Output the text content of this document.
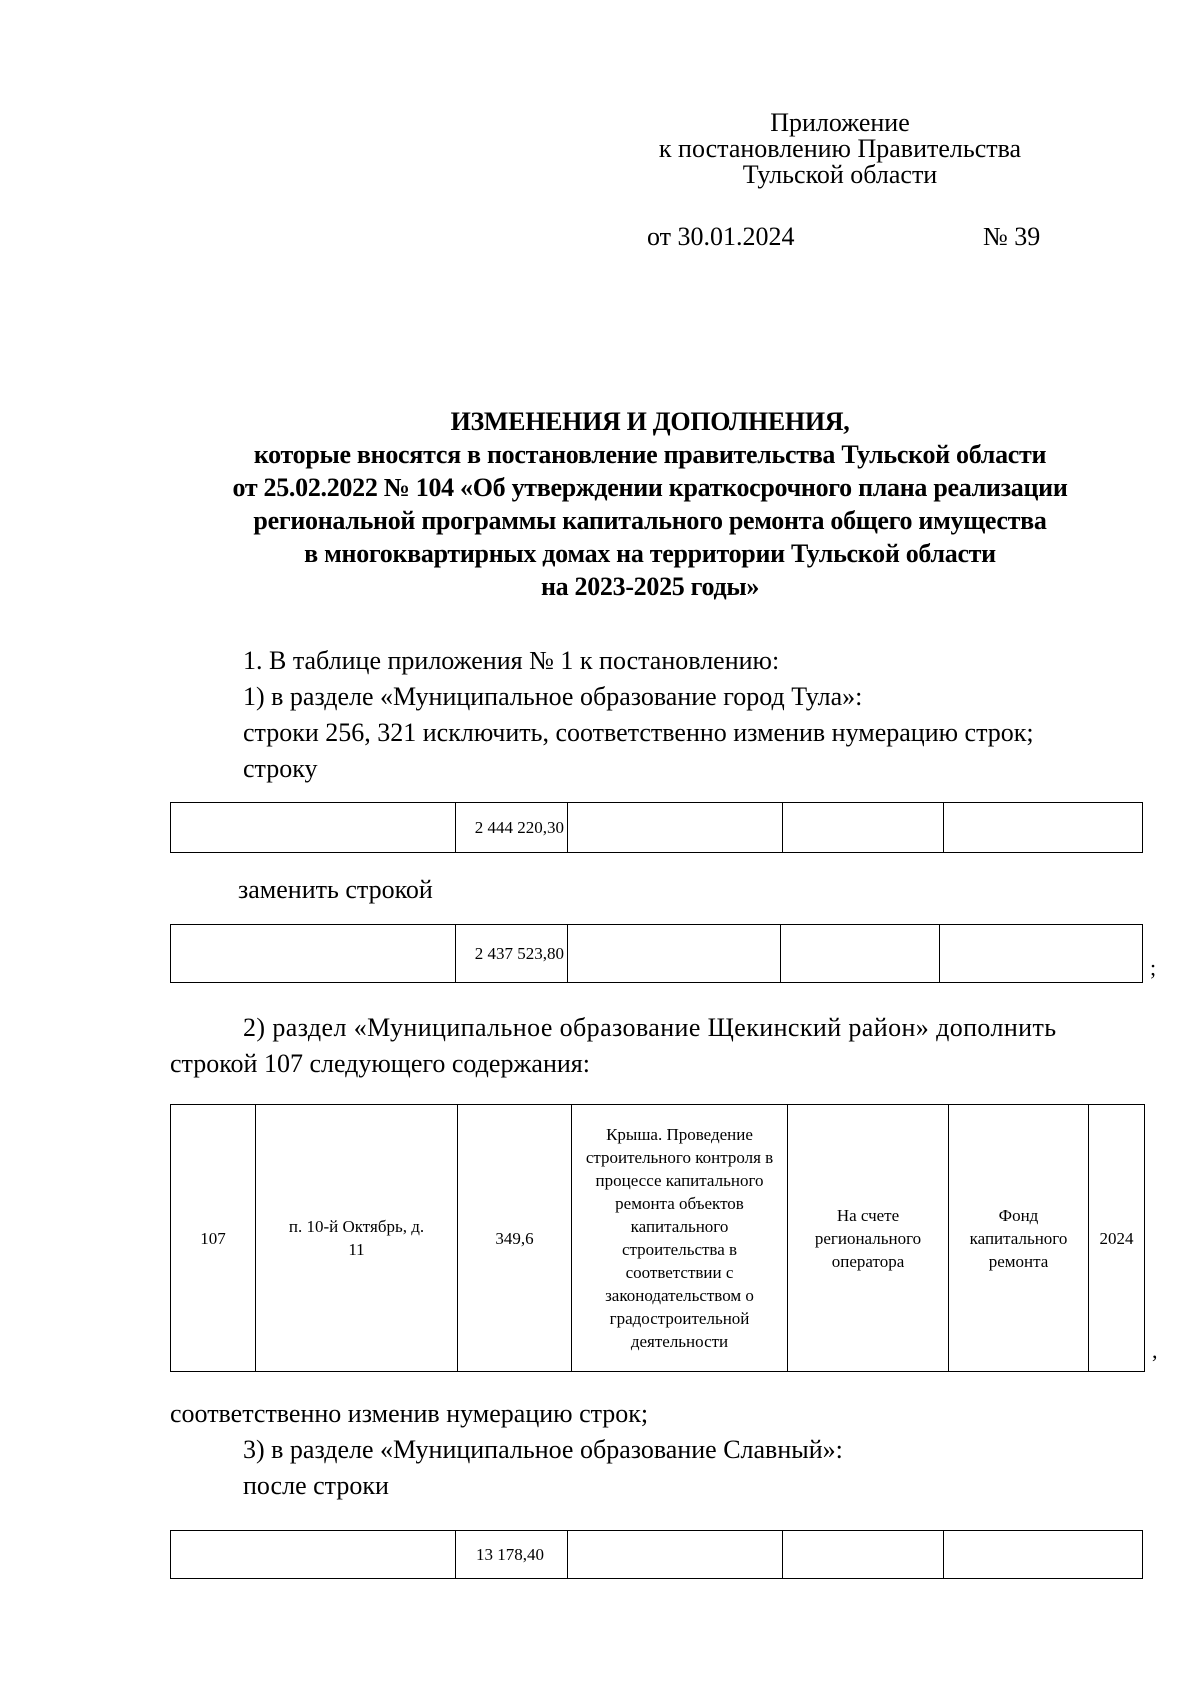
Приложение
к постановлению Правительства
Тульской области
от 30.01.2024	№ 39
ИЗМЕНЕНИЯ И ДОПОЛНЕНИЯ,
которые вносятся в постановление правительства Тульской области
от 25.02.2022 № 104 «Об утверждении краткосрочного плана реализации
региональной программы капитального ремонта общего имущества
в многоквартирных домах на территории Тульской области
на 2023-2025 годы»
1. В таблице приложения № 1 к постановлению:
1) в разделе «Муниципальное образование город Тула»:
строки 256, 321 исключить, соответственно изменив нумерацию строк;
строку
	2 444 220,30			
заменить строкой
	2 437 523,80			
;
2) раздел «Муниципальное образование Щекинский район» дополнить
строкой 107 следующего содержания:
107	п. 10-й Октябрь, д. 11	349,6	Крыша. Проведение строительного контроля в процессе капитального ремонта объектов капитального строительства в соответствии с законодательством о градостроительной деятельности	На счете регионального оператора	Фонд капитального ремонта	2024
,
соответственно изменив нумерацию строк;
3) в разделе «Муниципальное образование Славный»:
после строки
	13 178,40			
